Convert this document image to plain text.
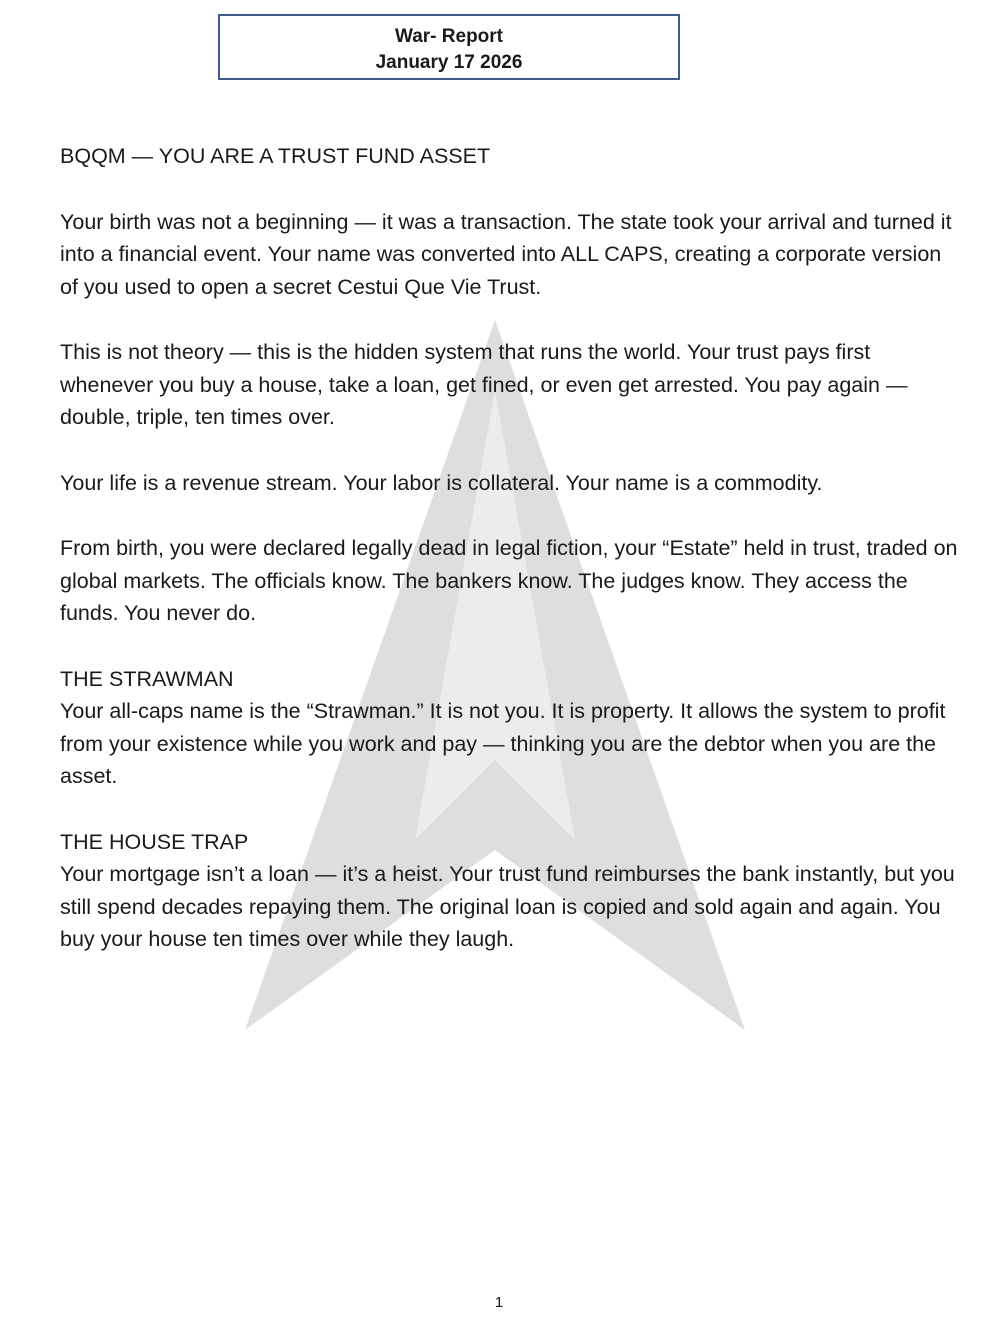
War- Report
January 17 2026

BQQM — YOU ARE A TRUST FUND ASSET

Your birth was not a beginning — it was a transaction. The state took your arrival and turned it into a financial event. Your name was converted into ALL CAPS, creating a corporate version of you used to open a secret Cestui Que Vie Trust.

This is not theory — this is the hidden system that runs the world. Your trust pays first whenever you buy a house, take a loan, get fined, or even get arrested. You pay again — double, triple, ten times over.

Your life is a revenue stream. Your labor is collateral. Your name is a commodity.

From birth, you were declared legally dead in legal fiction, your “Estate” held in trust, traded on global markets. The officials know. The bankers know. The judges know. They access the funds. You never do.

THE STRAWMAN

Your all-caps name is the “Strawman.” It is not you. It is property. It allows the system to profit from your existence while you work and pay — thinking you are the debtor when you are the asset.

THE HOUSE TRAP

Your mortgage isn’t a loan — it’s a heist. Your trust fund reimburses the bank instantly, but you still spend decades repaying them. The original loan is copied and sold again and again. You buy your house ten times over while they laugh.

1
